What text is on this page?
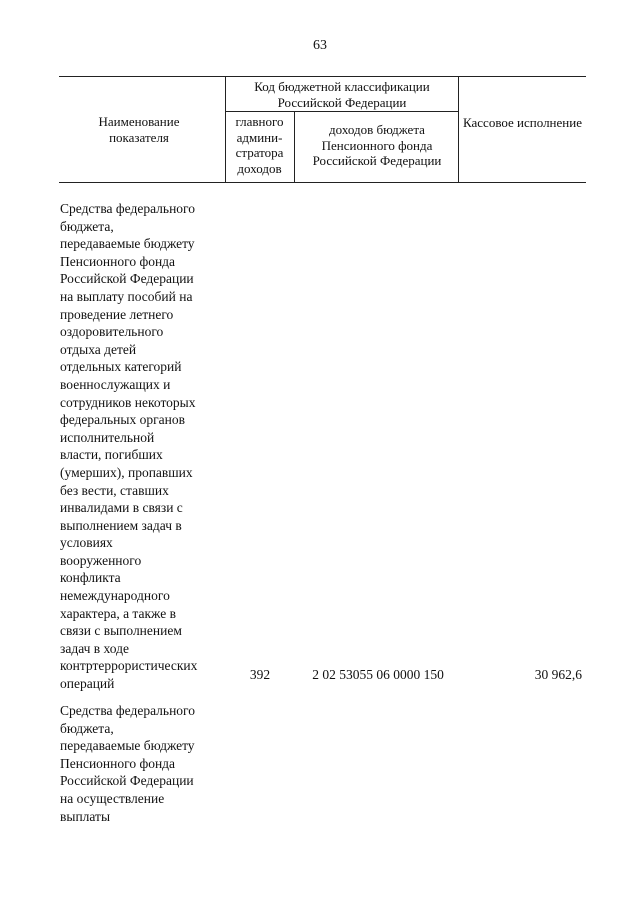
63
Наименование показателя
Код бюджетной классификации Российской Федерации
главного админи-стратора доходов
доходов бюджета Пенсионного фонда Российской Федерации
Кассовое исполнение
Средства федерального
бюджета,
передаваемые бюджету
Пенсионного фонда
Российской Федерации
на выплату пособий на
проведение летнего
оздоровительного
отдыха детей
отдельных категорий
военнослужащих и
сотрудников некоторых
федеральных органов
исполнительной
власти, погибших
(умерших), пропавших
без вести, ставших
инвалидами в связи с
выполнением задач в
условиях
вооруженного
конфликта
немеждународного
характера, а также в
связи с выполнением
задач в ходе
контртеррористических
операций
392	2 02 53055 06 0000 150	30 962,6
Средства федерального
бюджета,
передаваемые бюджету
Пенсионного фонда
Российской Федерации
на осуществление
выплаты
